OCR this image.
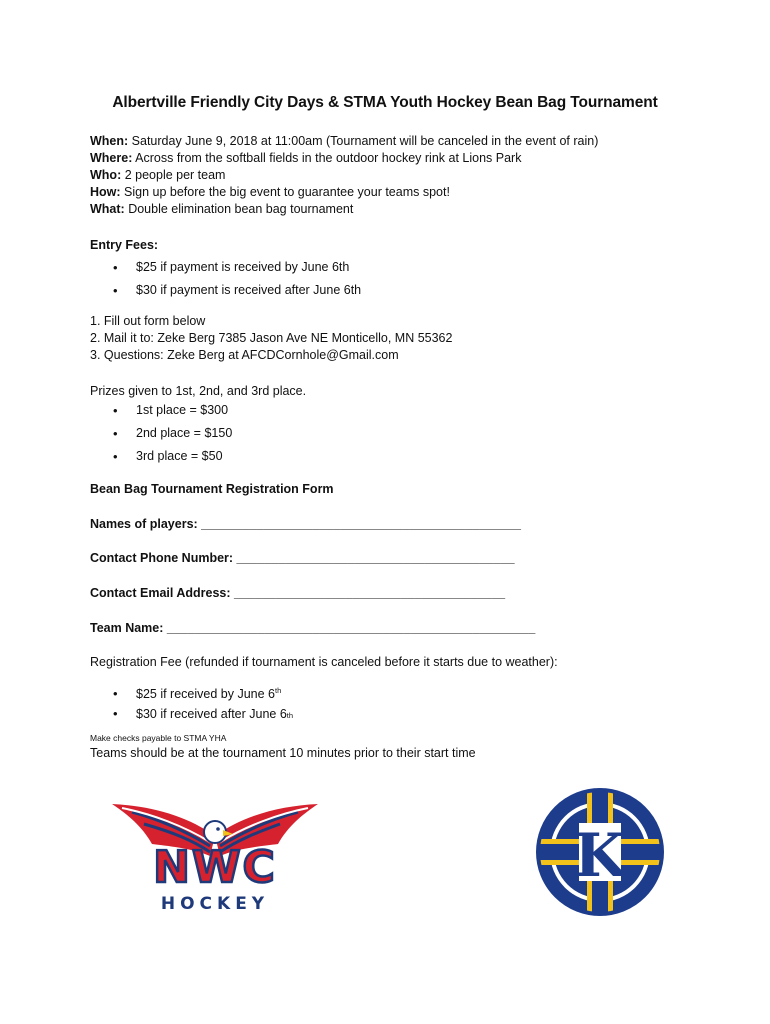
Albertville Friendly City Days & STMA Youth Hockey Bean Bag Tournament
When: Saturday June 9, 2018 at 11:00am (Tournament will be canceled in the event of rain)
Where: Across from the softball fields in the outdoor hockey rink at Lions Park
Who: 2 people per team
How: Sign up before the big event to guarantee your teams spot!
What: Double elimination bean bag tournament
Entry Fees:
• $25 if payment is received by June 6th
• $30 if payment is received after June 6th
1. Fill out form below
2. Mail it to: Zeke Berg 7385 Jason Ave NE Monticello, MN 55362
3. Questions: Zeke Berg at AFCDCornhole@Gmail.com
Prizes given to 1st, 2nd, and 3rd place.
• 1st place = $300
• 2nd place = $150
• 3rd place = $50
Bean Bag Tournament Registration Form
Names of players: ______________________________________________
Contact Phone Number: ________________________________________
Contact Email Address: _______________________________________
Team Name: _____________________________________________________
Registration Fee (refunded if tournament is canceled before it starts due to weather):
• $25 if received by June 6th
• $30 if received after June 6th
Make checks payable to STMA YHA
Teams should be at the tournament 10 minutes prior to their start time
NWC
HOCKEY
K
